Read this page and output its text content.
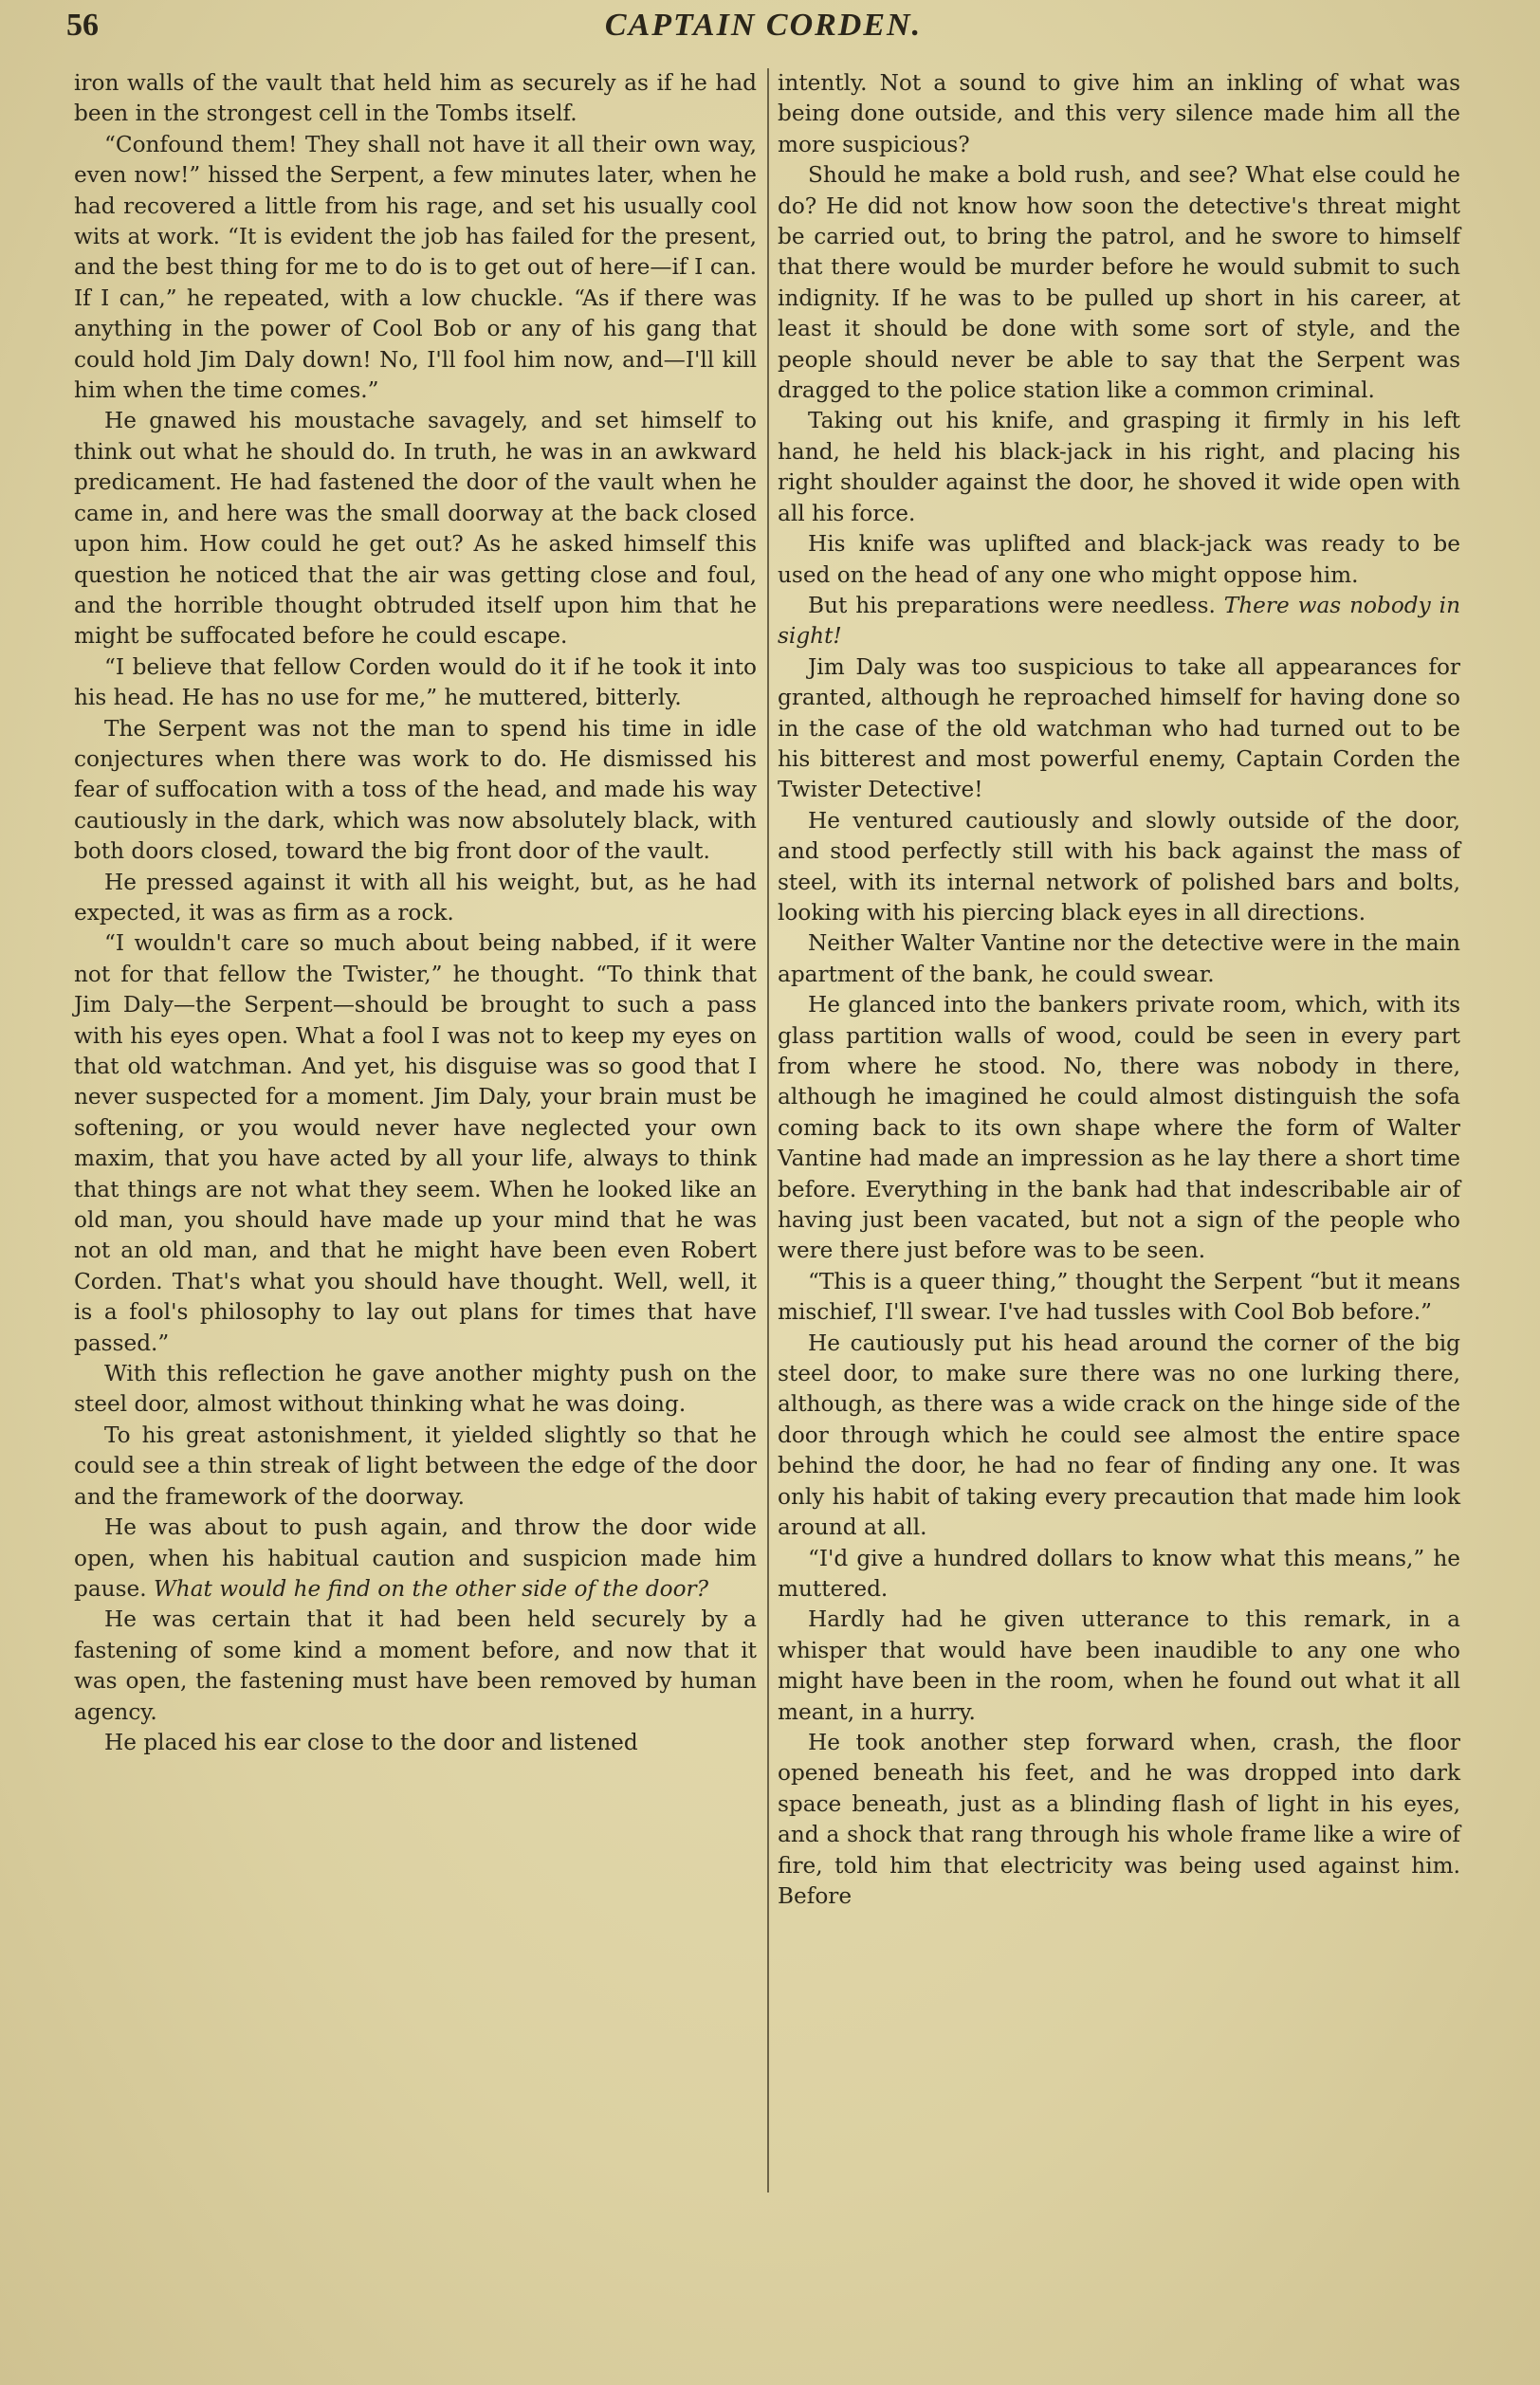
56	CAPTAIN CORDEN.

iron walls of the vault that held him as securely as if he had been in the strongest cell in the Tombs itself.

“Confound them! They shall not have it all their own way, even now!” hissed the Serpent, a few minutes later, when he had recovered a little from his rage, and set his usually cool wits at work. “It is evident the job has failed for the present, and the best thing for me to do is to get out of here—if I can. If I can,” he repeated, with a low chuckle. “As if there was anything in the power of Cool Bob or any of his gang that could hold Jim Daly down! No, I'll fool him now, and—I'll kill him when the time comes.”

He gnawed his moustache savagely, and set himself to think out what he should do. In truth, he was in an awkward predicament. He had fastened the door of the vault when he came in, and here was the small doorway at the back closed upon him. How could he get out? As he asked himself this question he noticed that the air was getting close and foul, and the horrible thought obtruded itself upon him that he might be suffocated before he could escape.

“I believe that fellow Corden would do it if he took it into his head. He has no use for me,” he muttered, bitterly.

The Serpent was not the man to spend his time in idle conjectures when there was work to do. He dismissed his fear of suffocation with a toss of the head, and made his way cautiously in the dark, which was now absolutely black, with both doors closed, toward the big front door of the vault.

He pressed against it with all his weight, but, as he had expected, it was as firm as a rock.

“I wouldn't care so much about being nabbed, if it were not for that fellow the Twister,” he thought. “To think that Jim Daly—the Serpent—should be brought to such a pass with his eyes open. What a fool I was not to keep my eyes on that old watchman. And yet, his disguise was so good that I never suspected for a moment. Jim Daly, your brain must be softening, or you would never have neglected your own maxim, that you have acted by all your life, always to think that things are not what they seem. When he looked like an old man, you should have made up your mind that he was not an old man, and that he might have been even Robert Corden. That's what you should have thought. Well, well, it is a fool's philosophy to lay out plans for times that have passed.”

With this reflection he gave another mighty push on the steel door, almost without thinking what he was doing.

To his great astonishment, it yielded slightly so that he could see a thin streak of light between the edge of the door and the framework of the doorway.

He was about to push again, and throw the door wide open, when his habitual caution and suspicion made him pause. What would he find on the other side of the door?

He was certain that it had been held securely by a fastening of some kind a moment before, and now that it was open, the fastening must have been removed by human agency.

He placed his ear close to the door and listened

intently. Not a sound to give him an inkling of what was being done outside, and this very silence made him all the more suspicious?

Should he make a bold rush, and see? What else could he do? He did not know how soon the detective's threat might be carried out, to bring the patrol, and he swore to himself that there would be murder before he would submit to such indignity. If he was to be pulled up short in his career, at least it should be done with some sort of style, and the people should never be able to say that the Serpent was dragged to the police station like a common criminal.

Taking out his knife, and grasping it firmly in his left hand, he held his black-jack in his right, and placing his right shoulder against the door, he shoved it wide open with all his force.

His knife was uplifted and black-jack was ready to be used on the head of any one who might oppose him.

But his preparations were needless. There was nobody in sight!

Jim Daly was too suspicious to take all appearances for granted, although he reproached himself for having done so in the case of the old watchman who had turned out to be his bitterest and most powerful enemy, Captain Corden the Twister Detective!

He ventured cautiously and slowly outside of the door, and stood perfectly still with his back against the mass of steel, with its internal network of polished bars and bolts, looking with his piercing black eyes in all directions.

Neither Walter Vantine nor the detective were in the main apartment of the bank, he could swear.

He glanced into the bankers private room, which, with its glass partition walls of wood, could be seen in every part from where he stood. No, there was nobody in there, although he imagined he could almost distinguish the sofa coming back to its own shape where the form of Walter Vantine had made an impression as he lay there a short time before. Everything in the bank had that indescribable air of having just been vacated, but not a sign of the people who were there just before was to be seen.

“This is a queer thing,” thought the Serpent “but it means mischief, I'll swear. I've had tussles with Cool Bob before.”

He cautiously put his head around the corner of the big steel door, to make sure there was no one lurking there, although, as there was a wide crack on the hinge side of the door through which he could see almost the entire space behind the door, he had no fear of finding any one. It was only his habit of taking every precaution that made him look around at all.

“I'd give a hundred dollars to know what this means,” he muttered.

Hardly had he given utterance to this remark, in a whisper that would have been inaudible to any one who might have been in the room, when he found out what it all meant, in a hurry.

He took another step forward when, crash, the floor opened beneath his feet, and he was dropped into dark space beneath, just as a blinding flash of light in his eyes, and a shock that rang through his whole frame like a wire of fire, told him that electricity was being used against him. Before
